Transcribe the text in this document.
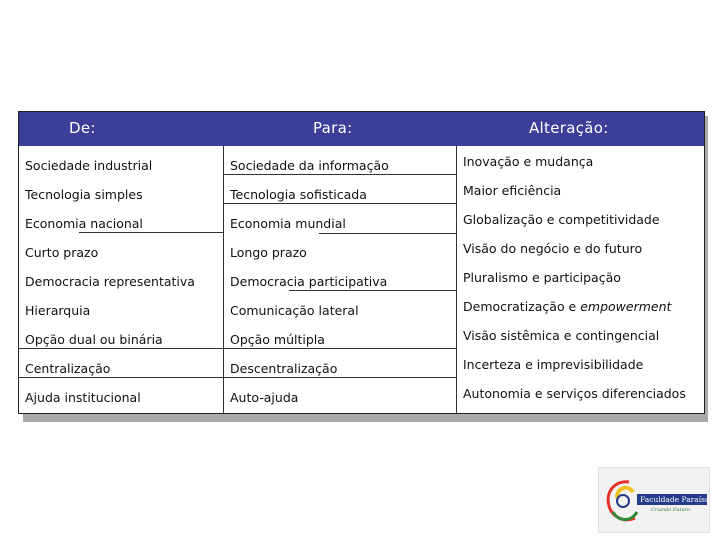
De:	Para:	Alteração:
Sociedade industrial	Sociedade da informação	Inovação e mudança
Tecnologia simples	Tecnologia sofisticada	Maior eficiência
Economia nacional	Economia mundial	Globalização e competitividade
Curto prazo	Longo prazo	Visão do negócio e do futuro
Democracia representativa	Democracia participativa	Pluralismo e participação
Hierarquia	Comunicação lateral	Democratização e empowerment
Opção dual ou binária	Opção múltipla	Visão sistêmica e contingencial
Centralização	Descentralização	Incerteza e imprevisibilidade
Ajuda institucional	Auto-ajuda	Autonomia e serviços diferenciados
Faculdade Paraíso
Criando Futuro
